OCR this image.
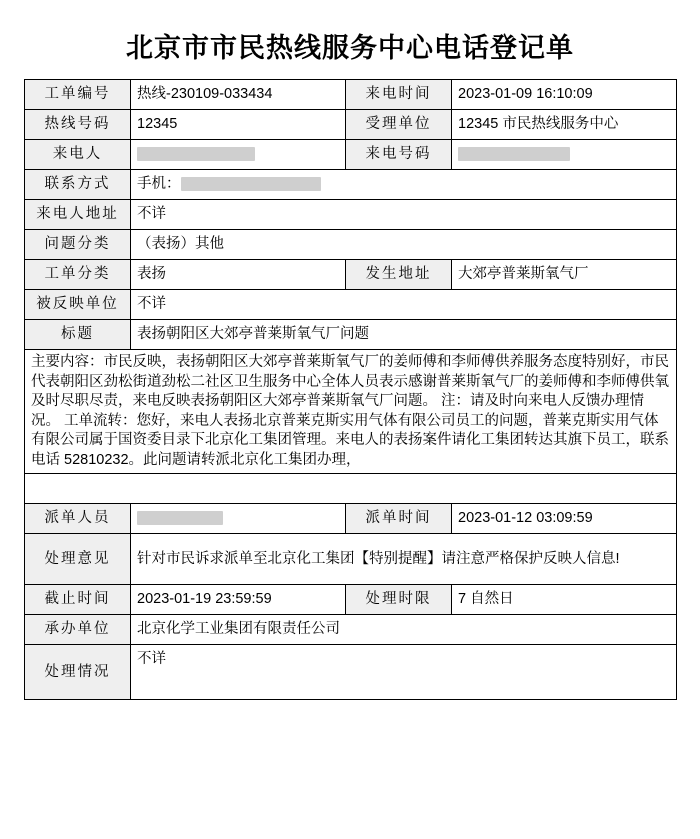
北京市市民热线服务中心电话登记单
工单编号	热线-230109-033434	来电时间	2023-01-09 16:10:09
热线号码	12345	受理单位	12345 市民热线服务中心
来电人		来电号码	
联系方式	手机：		
来电人地址	不详		
问题分类	（表扬）其他		
工单分类	表扬	发生地址	大郊亭普莱斯氧气厂
被反映单位	不详		
标题	表扬朝阳区大郊亭普莱斯氧气厂问题		
主要内容：市民反映，表扬朝阳区大郊亭普莱斯氧气厂的姜师傅和李师傅供养服务态度特别好，市民代表朝阳区劲松街道劲松二社区卫生服务中心全体人员表示感谢普莱斯氧气厂的姜师傅和李师傅供氧及时尽职尽责，来电反映表扬朝阳区大郊亭普莱斯氧气厂问题。 注：请及时向来电人反馈办理情况。 工单流转：您好，来电人表扬北京普莱克斯实用气体有限公司员工的问题，普莱克斯实用气体有限公司属于国资委目录下北京化工集团管理。来电人的表扬案件请化工集团转达其旗下员工，联系电话 52810232。此问题请转派北京化工集团办理，			

派单人员		派单时间	2023-01-12 03:09:59
处理意见	针对市民诉求派单至北京化工集团【特别提醒】请注意严格保护反映人信息!		
截止时间	2023-01-19 23:59:59	处理时限	7 自然日
承办单位	北京化学工业集团有限责任公司		
处理情况	不详		
